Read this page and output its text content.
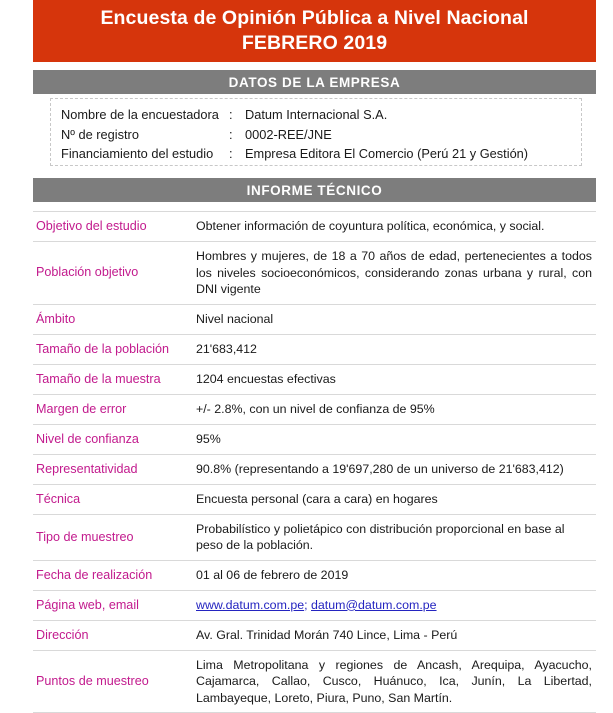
Encuesta de Opinión Pública a Nivel Nacional
FEBRERO 2019
DATOS DE LA EMPRESA
Nombre de la encuestadora : Datum Internacional S.A.
Nº de registro	: 0002-REE/JNE
Financiamiento del estudio	: Empresa Editora El Comercio (Perú 21 y Gestión)
INFORME TÉCNICO
Objetivo del estudio	Obtener información de coyuntura política, económica, y social.
Población objetivo	Hombres y mujeres, de 18 a 70 años de edad, pertenecientes a todos los niveles socioeconómicos, considerando zonas urbana y rural, con DNI vigente
Ámbito	Nivel nacional
Tamaño de la población	21'683,412
Tamaño de la muestra	1204 encuestas efectivas
Margen de error	+/- 2.8%, con un nivel de confianza de 95%
Nivel de confianza	95%
Representatividad	90.8% (representando a 19'697,280 de un universo de 21'683,412)
Técnica	Encuesta personal (cara a cara) en hogares
Tipo de muestreo	Probabilístico y polietápico con distribución proporcional en base al peso de la población.
Fecha de realización	01 al 06 de febrero de 2019
Página web, email	www.datum.com.pe; datum@datum.com.pe
Dirección	Av. Gral. Trinidad Morán 740 Lince, Lima - Perú
Puntos de muestreo	Lima Metropolitana y regiones de Ancash, Arequipa, Ayacucho, Cajamarca, Callao, Cusco, Huánuco, Ica, Junín, La Libertad, Lambayeque, Loreto, Piura, Puno, San Martín.
